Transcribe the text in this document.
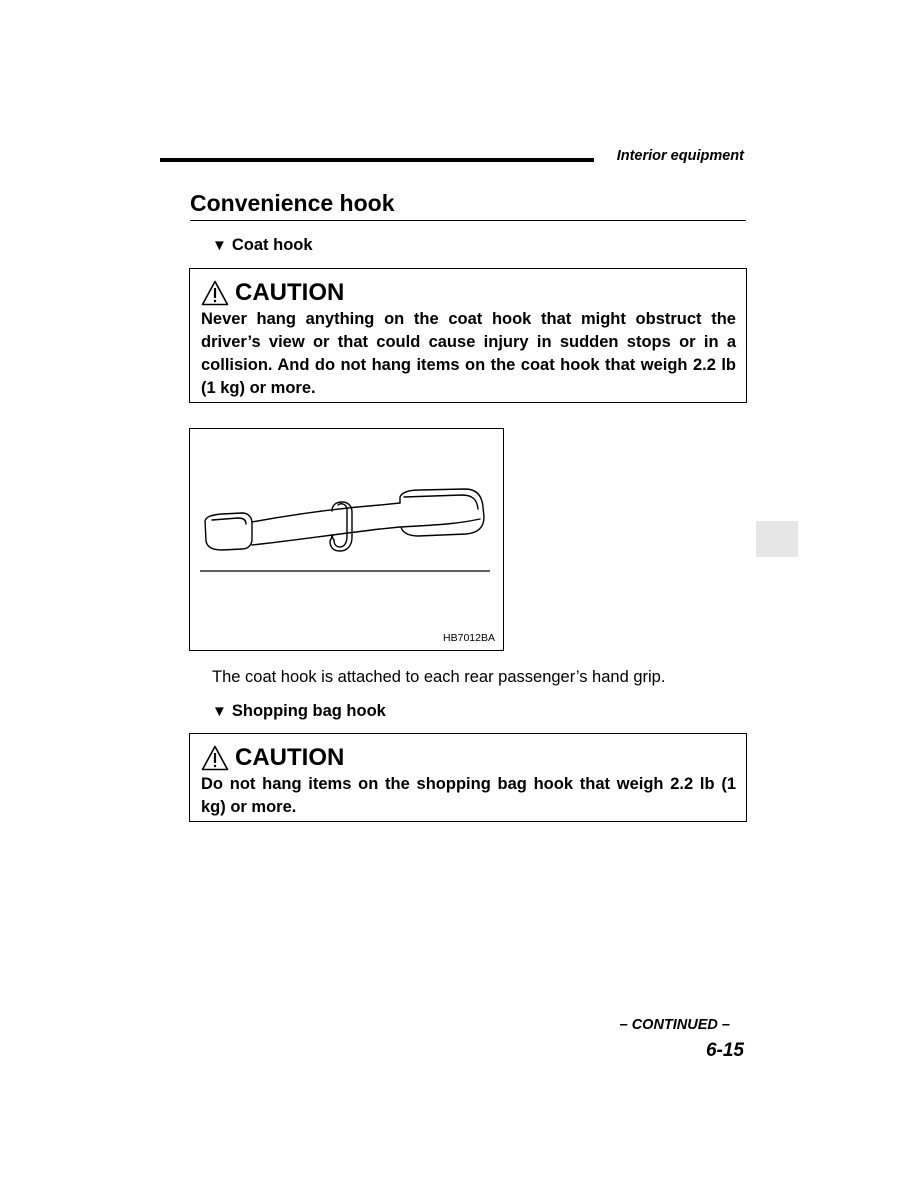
Interior equipment
Convenience hook
▼ Coat hook
CAUTION
Never hang anything on the coat hook that might obstruct the driver’s view or that could cause injury in sudden stops or in a collision. And do not hang items on the coat hook that weigh 2.2 lb (1 kg) or more.
HB7012BA
The coat hook is attached to each rear passenger’s hand grip.
▼ Shopping bag hook
CAUTION
Do not hang items on the shopping bag hook that weigh 2.2 lb (1 kg) or more.
– CONTINUED –
6-15
